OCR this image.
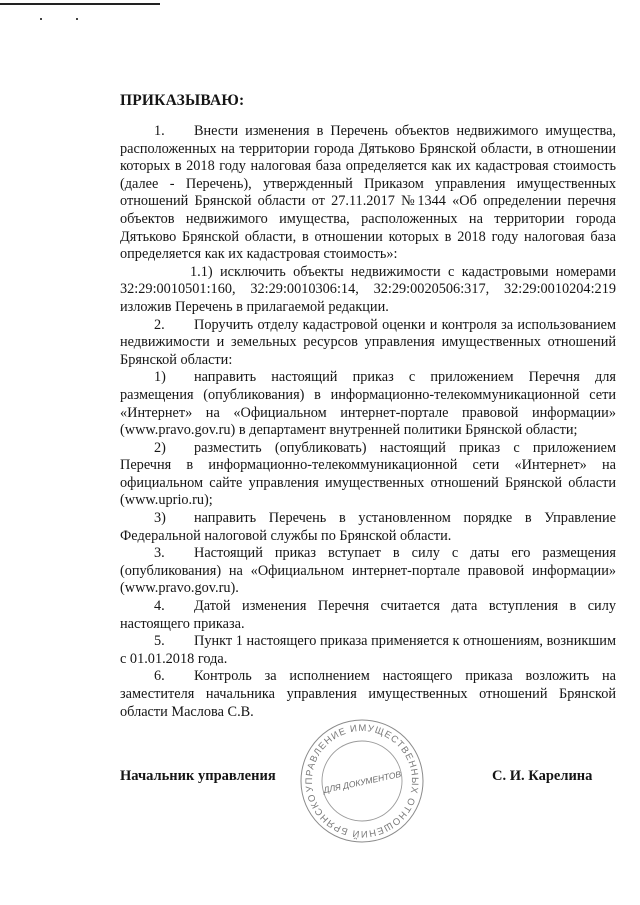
ПРИКАЗЫВАЮ:

1. Внести изменения в Перечень объектов недвижимого имущества, расположенных на территории города Дятьково Брянской области, в отношении которых в 2018 году налоговая база определяется как их кадастровая стоимость (далее - Перечень), утвержденный Приказом управления имущественных отношений Брянской области от 27.11.2017 №1344 «Об определении перечня объектов недвижимого имущества, расположенных на территории города Дятьково Брянской области, в отношении которых в 2018 году налоговая база определяется как их кадастровая стоимость»:

1.1) исключить объекты недвижимости с кадастровыми номерами 32:29:0010501:160, 32:29:0010306:14, 32:29:0020506:317, 32:29:0010204:219 изложив Перечень в прилагаемой редакции.

2. Поручить отделу кадастровой оценки и контроля за использованием недвижимости и земельных ресурсов управления имущественных отношений Брянской области:

1) направить настоящий приказ с приложением Перечня для размещения (опубликования) в информационно-телекоммуникационной сети «Интернет» на «Официальном интернет-портале правовой информации» (www.pravo.gov.ru) в департамент внутренней политики Брянской области;

2) разместить (опубликовать) настоящий приказ с приложением Перечня в информационно-телекоммуникационной сети «Интернет» на официальном сайте управления имущественных отношений Брянской области (www.uprio.ru);

3) направить Перечень в установленном порядке в Управление Федеральной налоговой службы по Брянской области.

3. Настоящий приказ вступает в силу с даты его размещения (опубликования) на «Официальном интернет-портале правовой информации» (www.pravo.gov.ru).

4. Датой изменения Перечня считается дата вступления в силу настоящего приказа.

5. Пункт 1 настоящего приказа применяется к отношениям, возникшим с 01.01.2018 года.

6. Контроль за исполнением настоящего приказа возложить на заместителя начальника управления имущественных отношений Брянской области Маслова С.В.

Начальник управления	С. И. Карелина
УПРАВЛЕНИЕ ИМУЩЕСТВЕННЫХ ОТНОШЕНИЙ БРЯНСКОЙ
ДЛЯ ДОКУМЕНТОВ
